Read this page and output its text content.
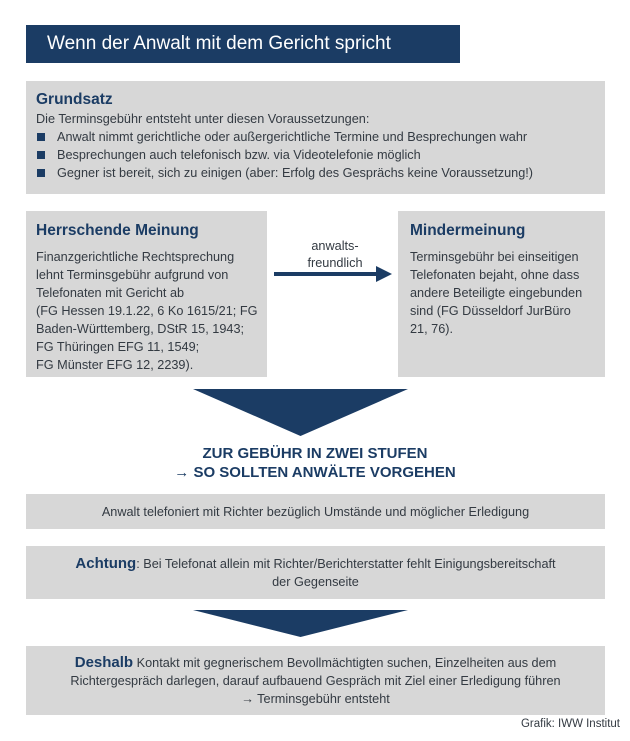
Wenn der Anwalt mit dem Gericht spricht
Grundsatz
Die Terminsgebühr entsteht unter diesen Voraussetzungen:
Anwalt nimmt gerichtliche oder außergerichtliche Termine und Besprechungen wahr
Besprechungen auch telefonisch bzw. via Videotelefonie möglich
Gegner ist bereit, sich zu einigen (aber: Erfolg des Gesprächs keine Voraussetzung!)
Herrschende Meinung
Finanzgerichtliche Rechtsprechung
lehnt Terminsgebühr aufgrund von
Telefonaten mit Gericht ab
(FG Hessen 19.1.22, 6 Ko 1615/21; FG
Baden-Württemberg, DStR 15, 1943;
FG Thüringen EFG 11, 1549;
FG Münster EFG 12, 2239).
anwalts-
freundlich
Mindermeinung
Terminsgebühr bei einseitigen
Telefonaten bejaht, ohne dass
andere Beteiligte eingebunden
sind (FG Düsseldorf JurBüro
21, 76).
ZUR GEBÜHR IN ZWEI STUFEN
→ SO SOLLTEN ANWÄLTE VORGEHEN
Anwalt telefoniert mit Richter bezüglich Umstände und möglicher Erledigung
Achtung: Bei Telefonat allein mit Richter/Berichterstatter fehlt Einigungsbereitschaft
der Gegenseite
Deshalb Kontakt mit gegnerischem Bevollmächtigten suchen, Einzelheiten aus dem
Richtergespräch darlegen, darauf aufbauend Gespräch mit Ziel einer Erledigung führen
→ Terminsgebühr entsteht
Grafik: IWW Institut
